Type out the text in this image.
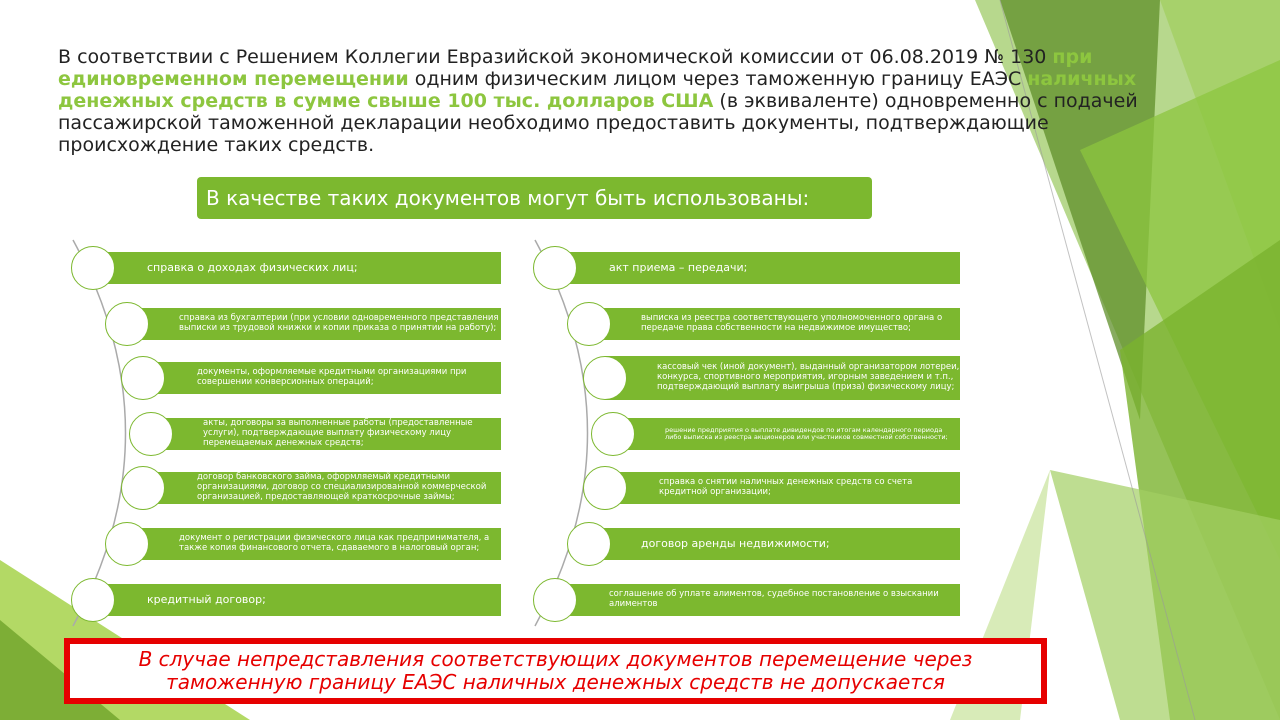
В соответствии с Решением Коллегии Евразийской экономической комиссии от 06.08.2019 № 130 при единовременном перемещении одним физическим лицом через таможенную границу ЕАЭС наличных денежных средств в сумме свыше 100 тыс. долларов США (в эквиваленте) одновременно с подачей пассажирской таможенной декларации необходимо предоставить документы, подтверждающие происхождение таких средств.
В качестве таких документов могут быть использованы:
справка о доходах физических лиц;
справка из бухгалтерии (при условии одновременного представления выписки из трудовой книжки и копии приказа о принятии на работу);
документы, оформляемые кредитными организациями при совершении конверсионных операций;
акты, договоры за выполненные работы (предоставленные услуги), подтверждающие выплату физическому лицу перемещаемых денежных средств;
договор банковского займа, оформляемый кредитными организациями, договор со специализированной коммерческой организацией, предоставляющей краткосрочные займы;
документ о регистрации физического лица как предпринимателя, а также копия финансового отчета, сдаваемого в налоговый орган;
кредитный договор;
акт приема – передачи;
выписка из реестра соответствующего уполномоченного органа о передаче права собственности на недвижимое имущество;
кассовый чек (иной документ), выданный организатором лотереи, конкурса, спортивного мероприятия, игорным заведением и т.п., подтверждающий выплату выигрыша (приза) физическому лицу;
решение предприятия о выплате дивидендов по итогам календарного периода либо выписка из реестра акционеров или участников совместной собственности;
справка о снятии наличных денежных средств со счета кредитной организации;
договор аренды недвижимости;
соглашение об уплате алиментов, судебное постановление о взыскании алиментов
В случае непредставления соответствующих документов перемещение через таможенную границу ЕАЭС наличных денежных средств не допускается
